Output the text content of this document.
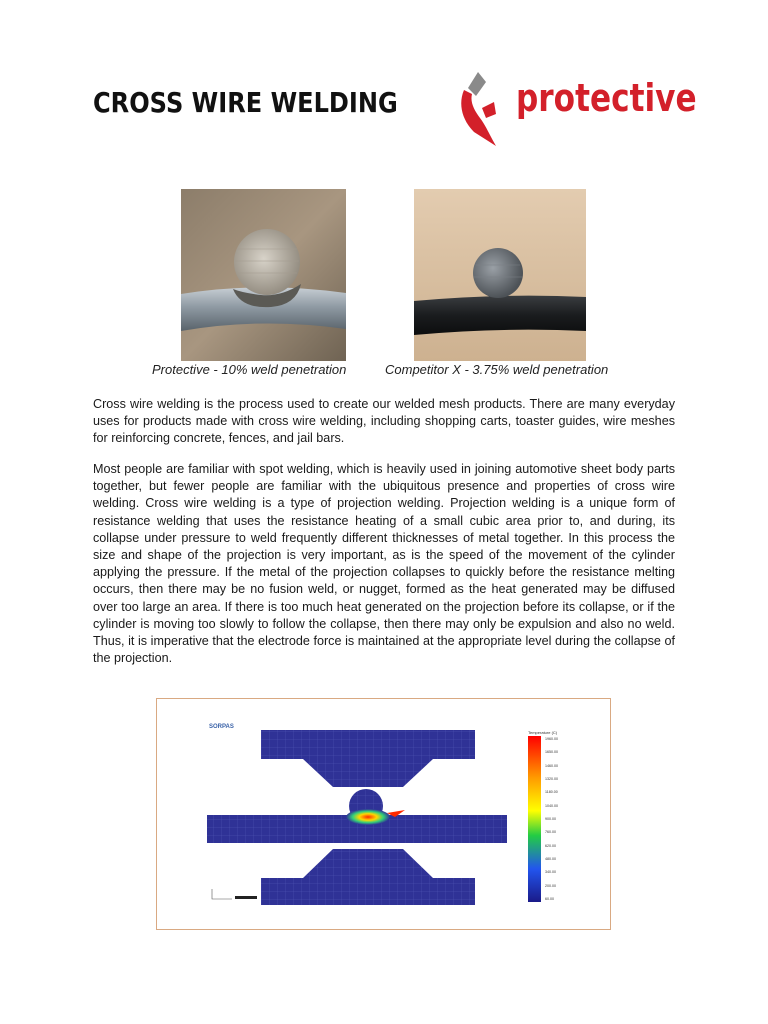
CROSS WIRE WELDING	protective
Protective - 10% weld penetration	Competitor X - 3.75% weld penetration
Cross wire welding is the process used to create our welded mesh products. There are many everyday uses for products made with cross wire welding, including shopping carts, toaster guides, wire meshes for reinforcing concrete, fences, and jail bars.
Most people are familiar with spot welding, which is heavily used in joining automotive sheet body parts together, but fewer people are familiar with the ubiquitous presence and properties of cross wire welding. Cross wire welding is a type of projection welding. Projection welding is a unique form of resistance welding that uses the resistance heating of a small cubic area prior to, and during, its collapse under pressure to weld frequently different thicknesses of metal together. In this process the size and shape of the projection is very important, as is the speed of the movement of the cylinder applying the pressure. If the metal of the projection collapses to quickly before the resistance melting occurs, then there may be no fusion weld, or nugget, formed as the heat generated may be diffused over too large an area. If there is too much heat generated on the projection before its collapse, or if the cylinder is moving too slowly to follow the collapse, then there may only be expulsion and also no weld. Thus, it is imperative that the electrode force is maintained at the appropriate level during the collapse of the projection.
SORPAS

Temperature (C)
1960.00
1650.00
1460.00
1320.00
1180.00
1040.00
900.00
760.00
620.00
480.00
340.00
200.00
60.00
